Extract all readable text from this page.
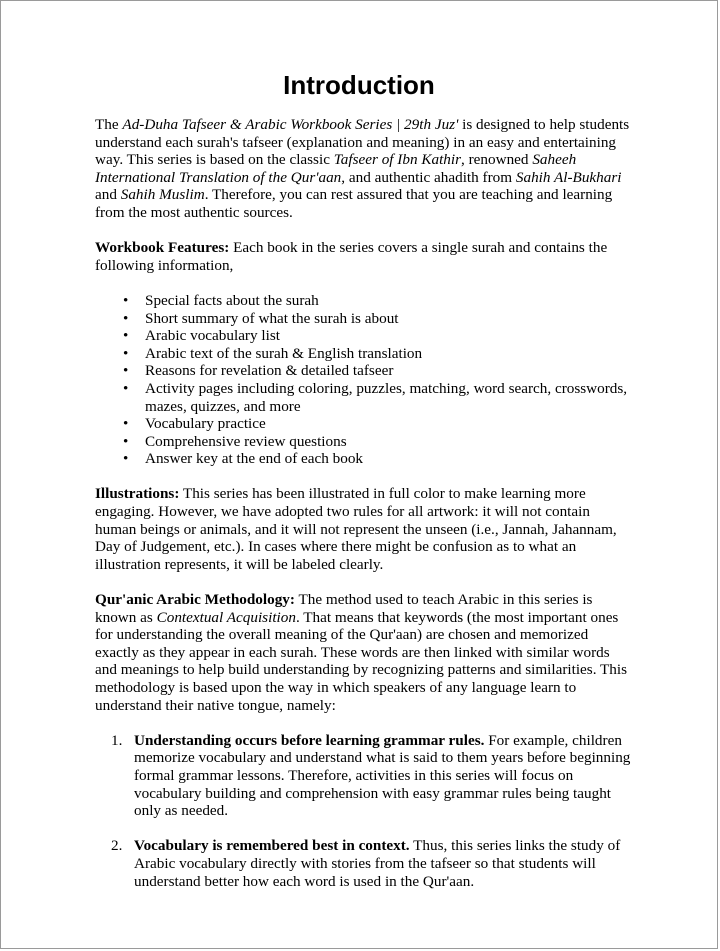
Introduction

The Ad-Duha Tafseer & Arabic Workbook Series | 29th Juz' is designed to help students understand each surah's tafseer (explanation and meaning) in an easy and entertaining way. This series is based on the classic Tafseer of Ibn Kathir, renowned Saheeh International Translation of the Qur'aan, and authentic ahadith from Sahih Al-Bukhari and Sahih Muslim. Therefore, you can rest assured that you are teaching and learning from the most authentic sources.

Workbook Features: Each book in the series covers a single surah and contains the following information,

• Special facts about the surah
• Short summary of what the surah is about
• Arabic vocabulary list
• Arabic text of the surah & English translation
• Reasons for revelation & detailed tafseer
• Activity pages including coloring, puzzles, matching, word search, crosswords, mazes, quizzes, and more
• Vocabulary practice
• Comprehensive review questions
• Answer key at the end of each book

Illustrations: This series has been illustrated in full color to make learning more engaging. However, we have adopted two rules for all artwork: it will not contain human beings or animals, and it will not represent the unseen (i.e., Jannah, Jahannam, Day of Judgement, etc.). In cases where there might be confusion as to what an illustration represents, it will be labeled clearly.

Qur'anic Arabic Methodology: The method used to teach Arabic in this series is known as Contextual Acquisition. That means that keywords (the most important ones for understanding the overall meaning of the Qur'aan) are chosen and memorized exactly as they appear in each surah. These words are then linked with similar words and meanings to help build understanding by recognizing patterns and similarities. This methodology is based upon the way in which speakers of any language learn to understand their native tongue, namely:

1. Understanding occurs before learning grammar rules. For example, children memorize vocabulary and understand what is said to them years before beginning formal grammar lessons. Therefore, activities in this series will focus on vocabulary building and comprehension with easy grammar rules being taught only as needed.
2. Vocabulary is remembered best in context. Thus, this series links the study of Arabic vocabulary directly with stories from the tafseer so that students will understand better how each word is used in the Qur'aan.
